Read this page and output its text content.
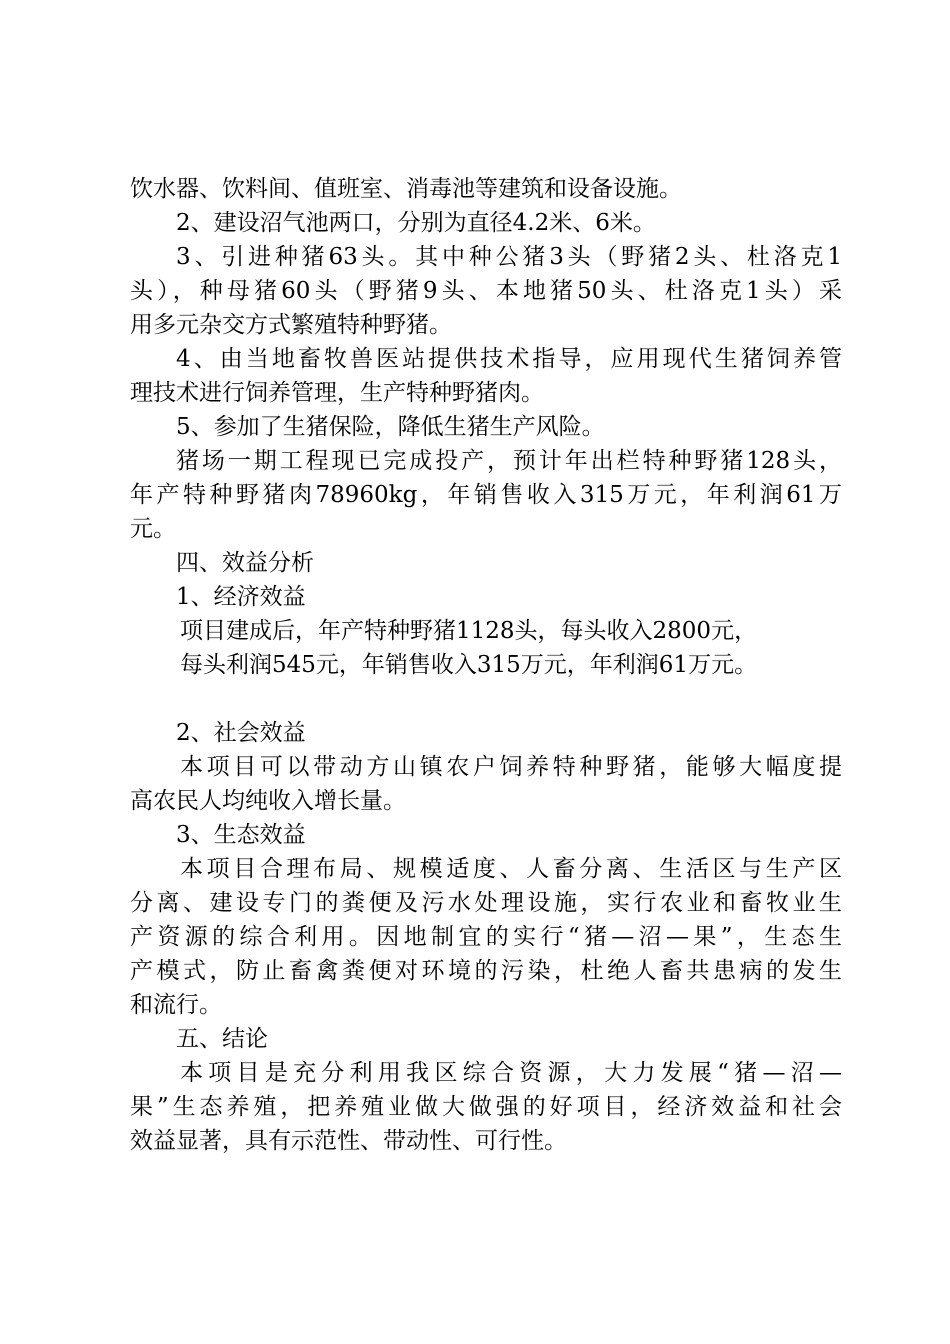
饮水器、饮料间、值班室、消毒池等建筑和设备设施。
2、建设沼气池两口，分别为直径4.2米、6米。
3、引进种猪63头。其中种公猪3头（野猪2头、杜洛克1
头），种母猪60头（野猪9头、本地猪50头、杜洛克1头）采
用多元杂交方式繁殖特种野猪。
4、由当地畜牧兽医站提供技术指导，应用现代生猪饲养管
理技术进行饲养管理，生产特种野猪肉。
5、参加了生猪保险，降低生猪生产风险。
猪场一期工程现已完成投产，预计年出栏特种野猪128头，
年产特种野猪肉78960kg，年销售收入315万元，年利润61万
元。
四、效益分析
1、经济效益
项目建成后，年产特种野猪1128头，每头收入2800元，
每头利润545元，年销售收入315万元，年利润61万元。
2、社会效益
本项目可以带动方山镇农户饲养特种野猪，能够大幅度提
高农民人均纯收入增长量。
3、生态效益
本项目合理布局、规模适度、人畜分离、生活区与生产区
分离、建设专门的粪便及污水处理设施，实行农业和畜牧业生
产资源的综合利用。因地制宜的实行“猪—沼—果”，生态生
产模式，防止畜禽粪便对环境的污染，杜绝人畜共患病的发生
和流行。
五、结论
本项目是充分利用我区综合资源，大力发展“猪—沼—
果”生态养殖，把养殖业做大做强的好项目，经济效益和社会
效益显著，具有示范性、带动性、可行性。
